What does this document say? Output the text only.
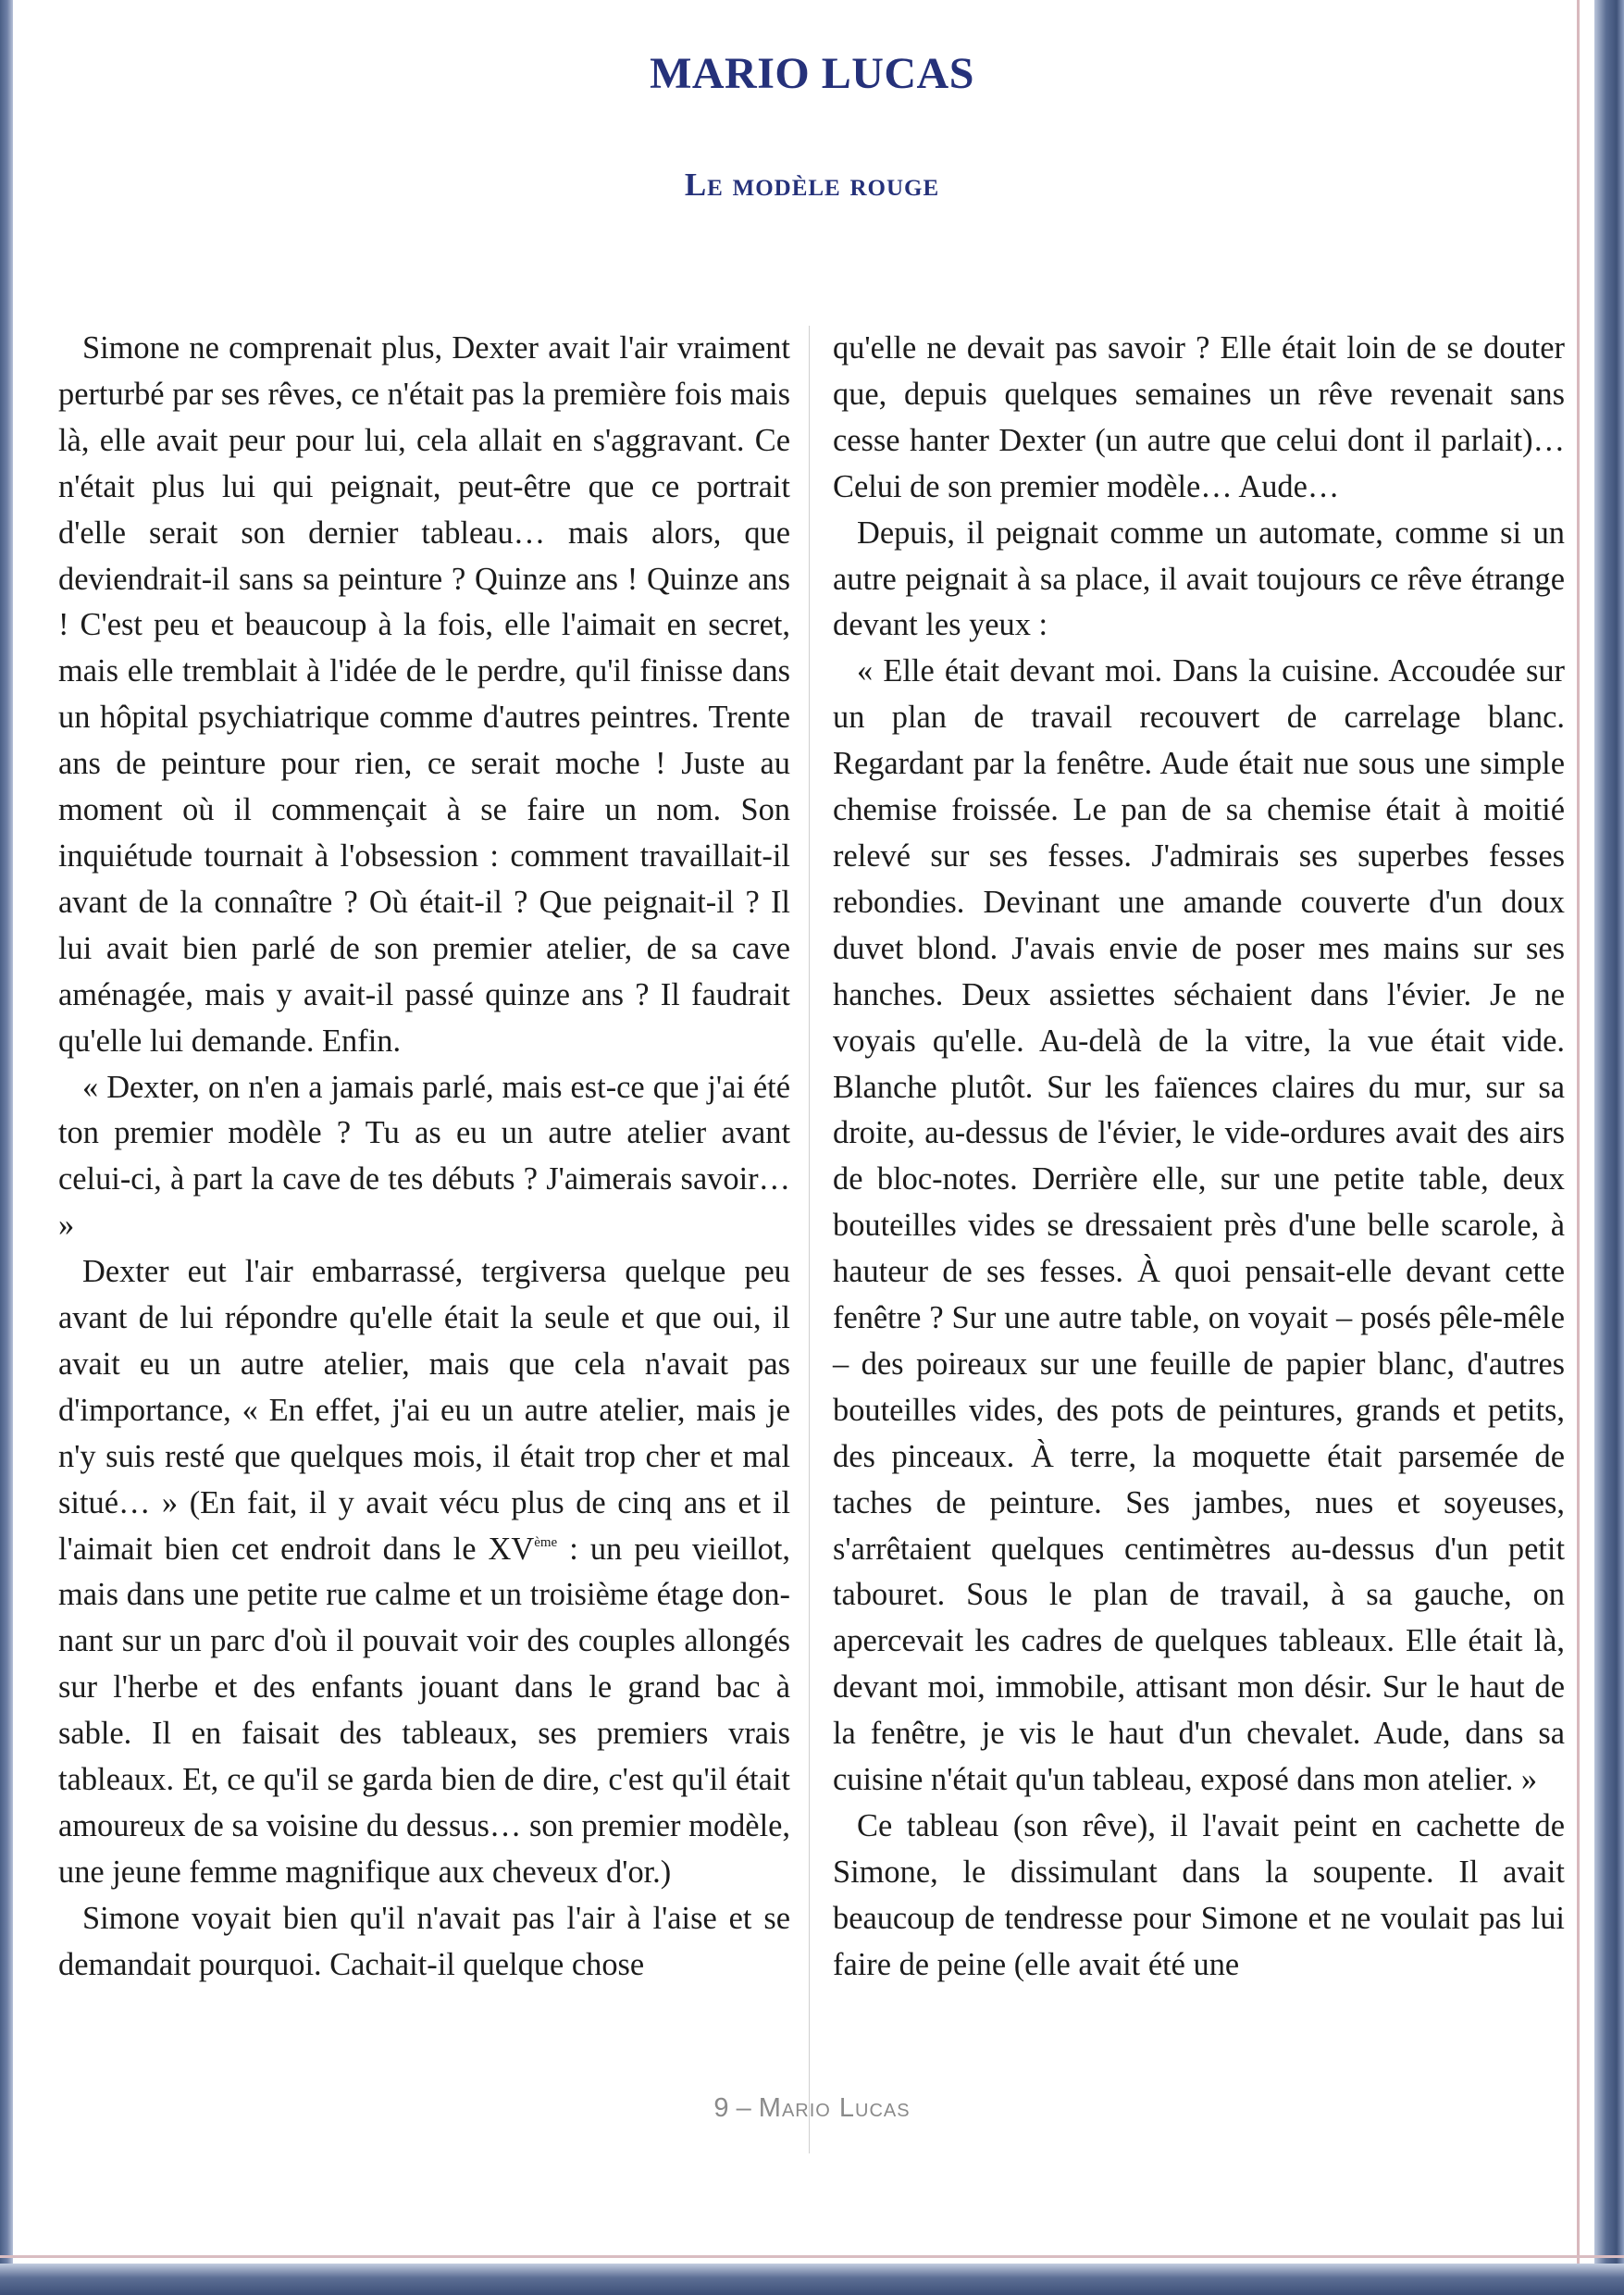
MARIO LUCAS
Le modèle rouge

Simone ne comprenait plus, Dexter avait l'air vraiment perturbé par ses rêves, ce n'était pas la première fois mais là, elle avait peur pour lui, cela allait en s'aggravant. Ce n'était plus lui qui peignait, peut-être que ce portrait d'elle serait son dernier tableau… mais alors, que deviendrait-il sans sa peinture ? Quinze ans ! Quinze ans ! C'est peu et beaucoup à la fois, elle l'aimait en secret, mais elle tremblait à l'idée de le perdre, qu'il finisse dans un hôpital psychiatrique comme d'autres peintres. Trente ans de peinture pour rien, ce serait moche ! Juste au moment où il commençait à se faire un nom. Son inquiétude tournait à l'obsession : comment travaillait-il avant de la connaître ? Où était-il ? Que peignait-il ? Il lui avait bien parlé de son premier atelier, de sa cave aménagée, mais y avait-il passé quinze ans ? Il faudrait qu'elle lui demande. Enfin.

« Dexter, on n'en a jamais parlé, mais est-ce que j'ai été ton premier modèle ? Tu as eu un autre atelier avant celui-ci, à part la cave de tes débuts ? J'aimerais savoir… »

Dexter eut l'air embarrassé, tergiversa quelque peu avant de lui répondre qu'elle était la seule et que oui, il avait eu un autre atelier, mais que cela n'avait pas d'importance, « En effet, j'ai eu un autre atelier, mais je n'y suis resté que quelques mois, il était trop cher et mal situé… » (En fait, il y avait vécu plus de cinq ans et il l'aimait bien cet endroit dans le XVème : un peu vieillot, mais dans une petite rue calme et un troisième étage donnant sur un parc d'où il pouvait voir des couples allongés sur l'herbe et des enfants jouant dans le grand bac à sable. Il en faisait des tableaux, ses premiers vrais tableaux. Et, ce qu'il se garda bien de dire, c'est qu'il était amoureux de sa voisine du dessus… son premier modèle, une jeune femme magnifique aux cheveux d'or.)

Simone voyait bien qu'il n'avait pas l'air à l'aise et se demandait pourquoi. Cachait-il quelque chose

qu'elle ne devait pas savoir ? Elle était loin de se douter que, depuis quelques semaines un rêve revenait sans cesse hanter Dexter (un autre que celui dont il parlait)… Celui de son premier modèle… Aude…

Depuis, il peignait comme un automate, comme si un autre peignait à sa place, il avait toujours ce rêve étrange devant les yeux :

« Elle était devant moi. Dans la cuisine. Accoudée sur un plan de travail recouvert de carrelage blanc. Regardant par la fenêtre. Aude était nue sous une simple chemise froissée. Le pan de sa chemise était à moitié relevé sur ses fesses. J'admirais ses superbes fesses rebondies. Devinant une amande couverte d'un doux duvet blond. J'avais envie de poser mes mains sur ses hanches. Deux assiettes séchaient dans l'évier. Je ne voyais qu'elle. Au-delà de la vitre, la vue était vide. Blanche plutôt. Sur les faïences claires du mur, sur sa droite, au-dessus de l'évier, le vide-ordures avait des airs de bloc-notes. Derrière elle, sur une petite table, deux bouteilles vides se dressaient près d'une belle scarole, à hauteur de ses fesses. À quoi pensait-elle devant cette fenêtre ? Sur une autre table, on voyait – posés pêle-mêle – des poireaux sur une feuille de papier blanc, d'autres bouteilles vides, des pots de peintures, grands et petits, des pinceaux. À terre, la moquette était parsemée de taches de peinture. Ses jambes, nues et soyeuses, s'arrêtaient quelques centimètres au-dessus d'un petit tabouret. Sous le plan de travail, à sa gauche, on apercevait les cadres de quelques tableaux. Elle était là, devant moi, immobile, attisant mon désir. Sur le haut de la fenêtre, je vis le haut d'un chevalet. Aude, dans sa cuisine n'était qu'un tableau, exposé dans mon atelier. »

Ce tableau (son rêve), il l'avait peint en cachette de Simone, le dissimulant dans la soupente. Il avait beaucoup de tendresse pour Simone et ne voulait pas lui faire de peine (elle avait été une

9 – Mario Lucas
